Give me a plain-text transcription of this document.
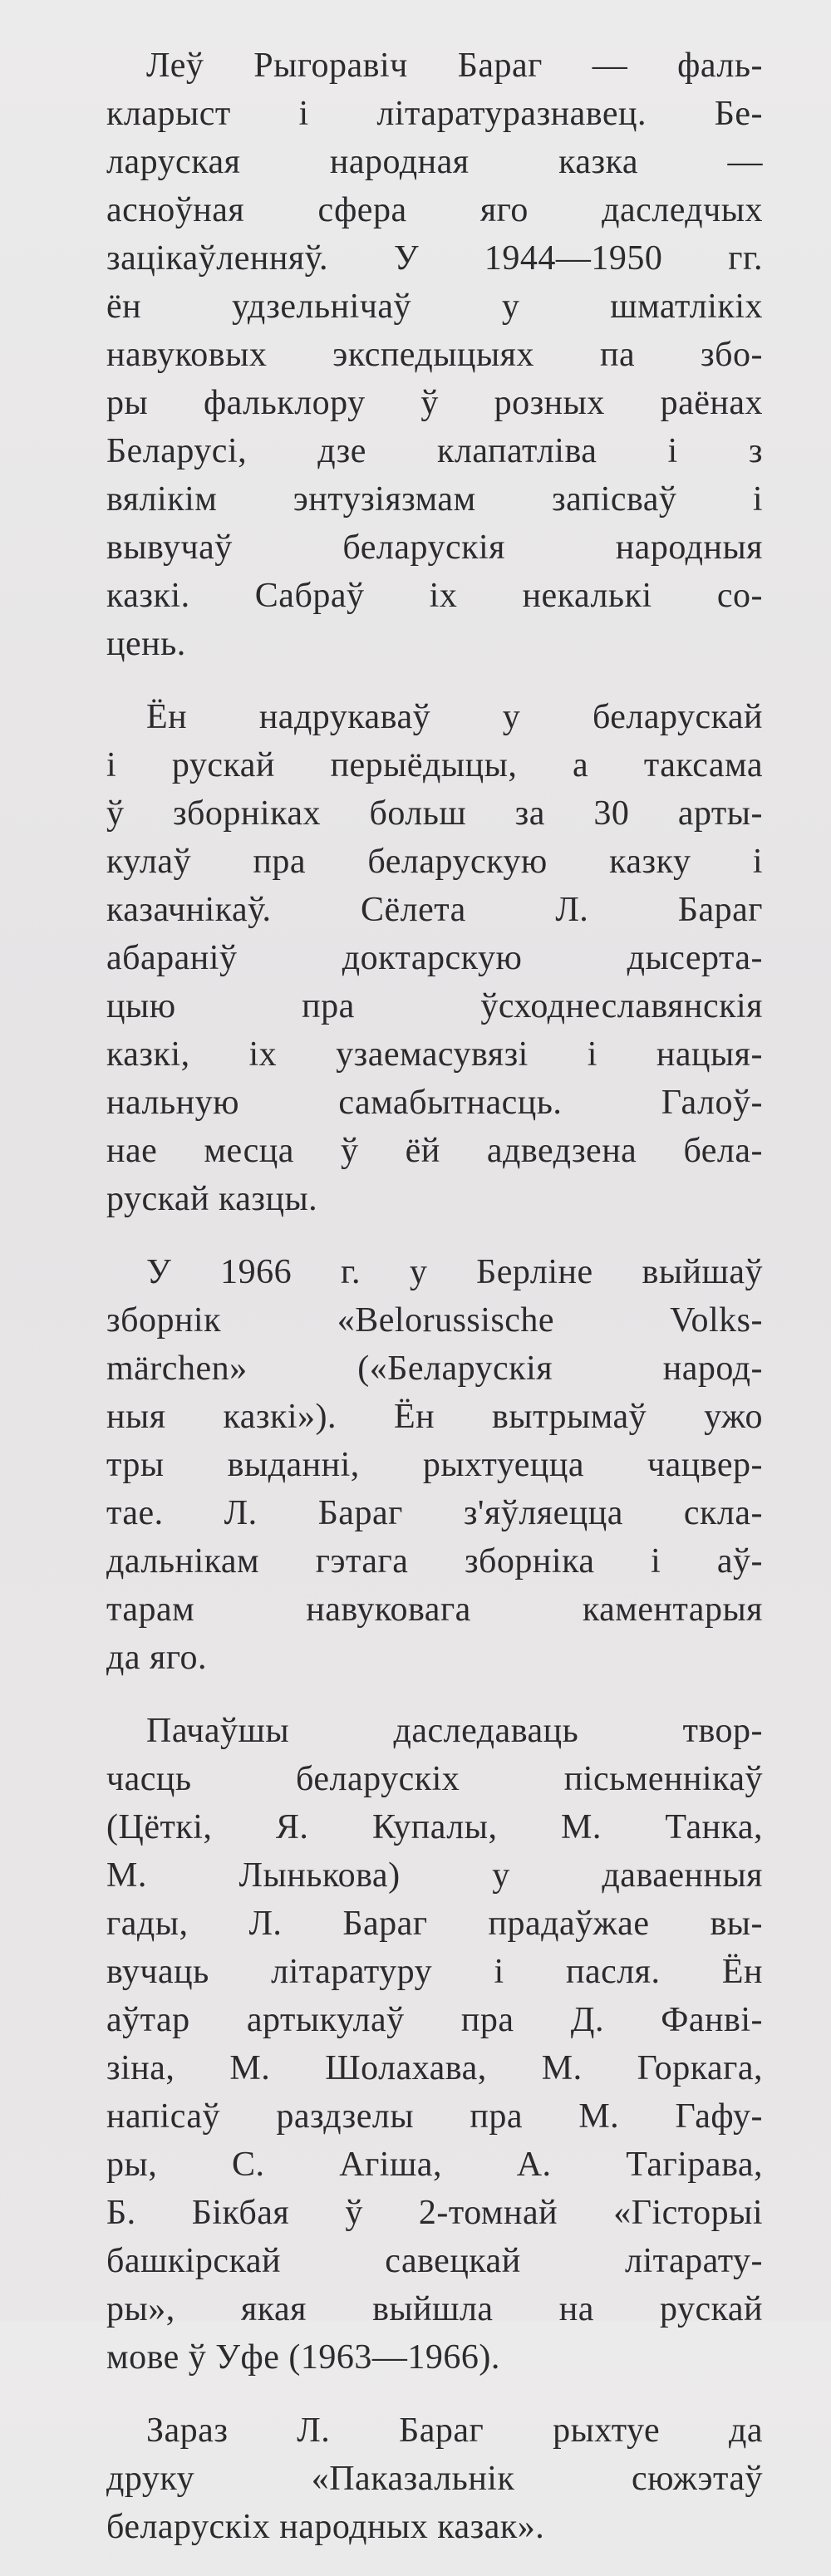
Леў Рыгоравіч Бараг — фаль-
кларыст і літаратуразнавец. Бе-
ларуская народная казка —
асноўная сфера яго даследчых
зацікаўленняў. У 1944—1950 гг.
ён удзельнічаў у шматлікіх
навуковых экспедыцыях па збо-
ры фальклору ў розных раёнах
Беларусі, дзе клапатліва і з
вялікім энтузіязмам запісваў і
вывучаў беларускія народныя
казкі. Сабраў іх некалькі со-
цень.
Ён надрукаваў у беларускай
і рускай перыёдыцы, а таксама
ў зборніках больш за 30 арты-
кулаў пра беларускую казку і
казачнікаў. Сёлета Л. Бараг
абараніў доктарскую дысерта-
цыю пра ўсходнеславянскія
казкі, іх узаемасувязі і нацыя-
нальную самабытнасць. Галоў-
нае месца ў ёй адведзена бела-
рускай казцы.
У 1966 г. у Берліне выйшаў
зборнік «Belorussische Volks-
märchen» («Беларускія народ-
ныя казкі»). Ён вытрымаў ужо
тры выданні, рыхтуецца чацвер-
тае. Л. Бараг з'яўляецца скла-
дальнікам гэтага зборніка і аў-
тарам навуковага каментарыя
да яго.
Пачаўшы даследаваць твор-
часць беларускіх пісьменнікаў
(Цёткі, Я. Купалы, М. Танка,
М. Лынькова) у даваенныя
гады, Л. Бараг прадаўжае вы-
вучаць літаратуру і пасля. Ён
аўтар артыкулаў пра Д. Фанві-
зіна, М. Шолахава, М. Горкага,
напісаў раздзелы пра М. Гафу-
ры, С. Агіша, А. Тагірава,
Б. Бікбая ў 2-томнай «Гісторыі
башкірскай савецкай літарату-
ры», якая выйшла на рускай
мове ў Уфе (1963—1966).
Зараз Л. Бараг рыхтуе да
друку «Паказальнік сюжэтаў
беларускіх народных казак».
